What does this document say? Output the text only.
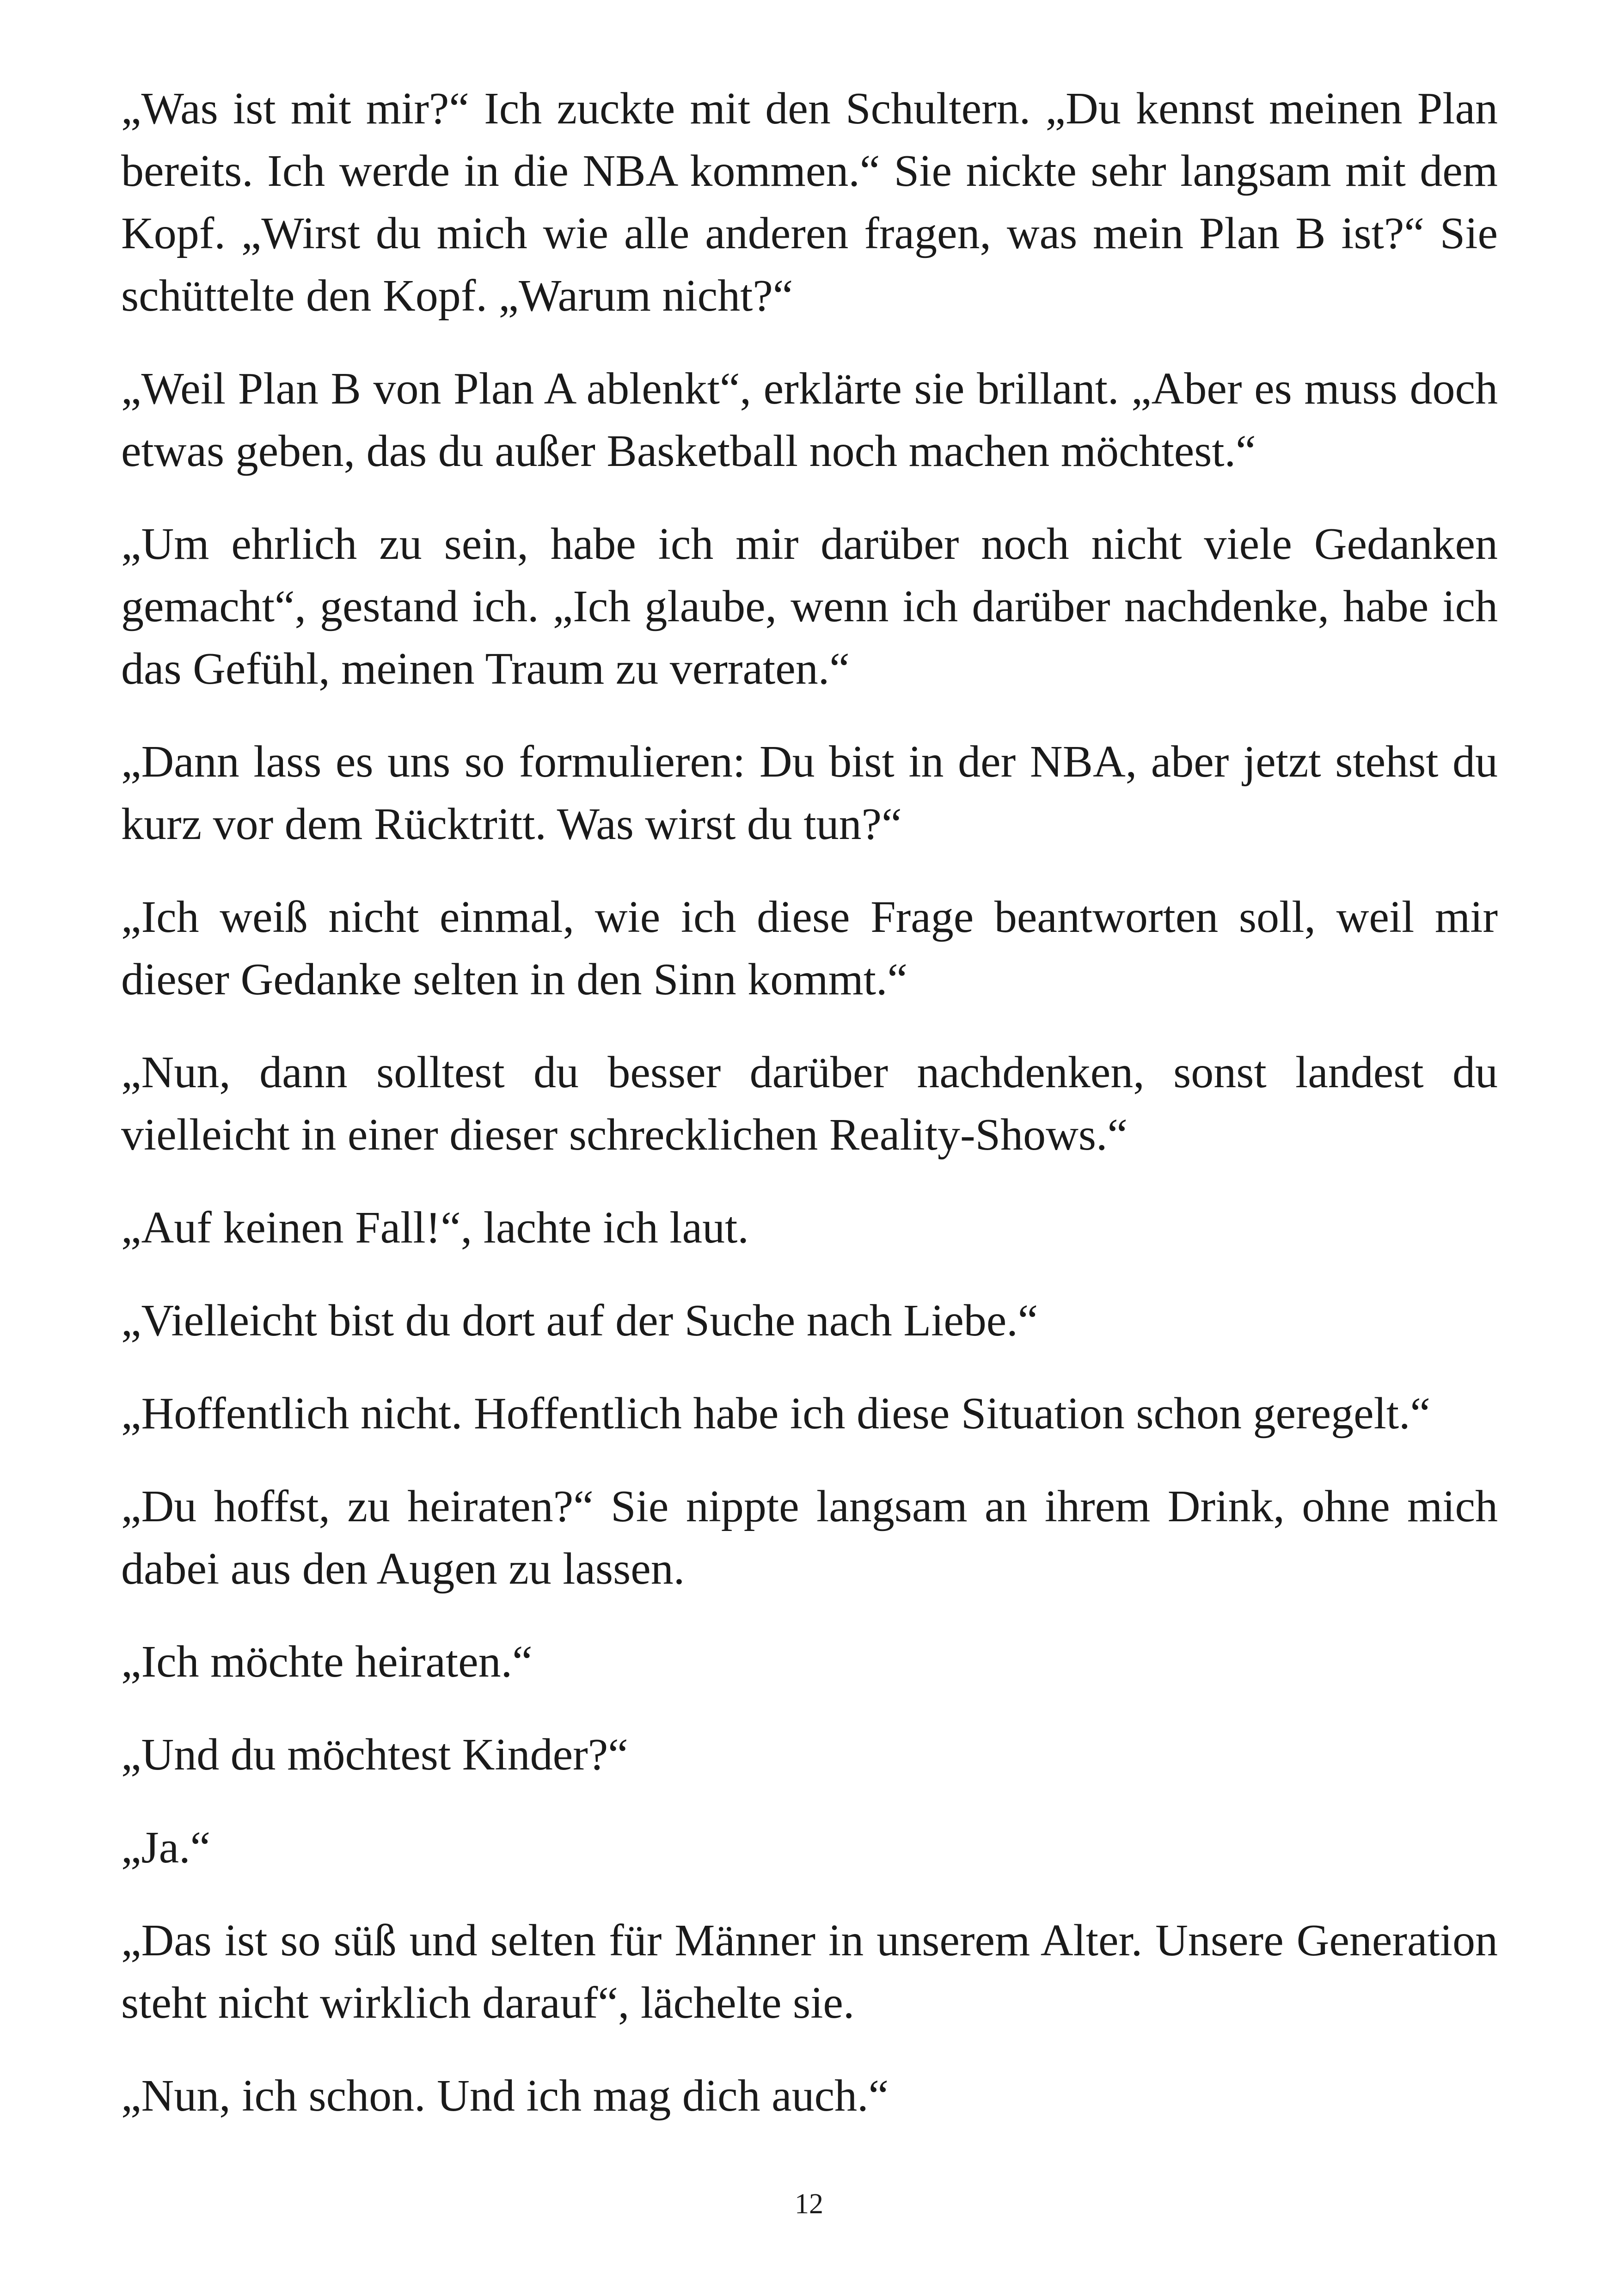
„Was ist mit mir?“ Ich zuckte mit den Schultern. „Du kennst meinen Plan bereits. Ich werde in die NBA kommen.“ Sie nickte sehr langsam mit dem Kopf. „Wirst du mich wie alle anderen fragen, was mein Plan B ist?“ Sie schüttelte den Kopf. „Warum nicht?“

„Weil Plan B von Plan A ablenkt“, erklärte sie brillant. „Aber es muss doch etwas geben, das du außer Basketball noch machen möchtest.“

„Um ehrlich zu sein, habe ich mir darüber noch nicht viele Gedanken gemacht“, gestand ich. „Ich glaube, wenn ich darüber nachdenke, habe ich das Gefühl, meinen Traum zu verraten.“

„Dann lass es uns so formulieren: Du bist in der NBA, aber jetzt stehst du kurz vor dem Rücktritt. Was wirst du tun?“

„Ich weiß nicht einmal, wie ich diese Frage beantworten soll, weil mir dieser Gedanke selten in den Sinn kommt.“

„Nun, dann solltest du besser darüber nachdenken, sonst landest du vielleicht in einer dieser schrecklichen Reality-Shows.“

„Auf keinen Fall!“, lachte ich laut.

„Vielleicht bist du dort auf der Suche nach Liebe.“

„Hoffentlich nicht. Hoffentlich habe ich diese Situation schon geregelt.“

„Du hoffst, zu heiraten?“ Sie nippte langsam an ihrem Drink, ohne mich dabei aus den Augen zu lassen.

„Ich möchte heiraten.“

„Und du möchtest Kinder?“

„Ja.“

„Das ist so süß und selten für Männer in unserem Alter. Unsere Generation steht nicht wirklich darauf“, lächelte sie.

„Nun, ich schon. Und ich mag dich auch.“

12
